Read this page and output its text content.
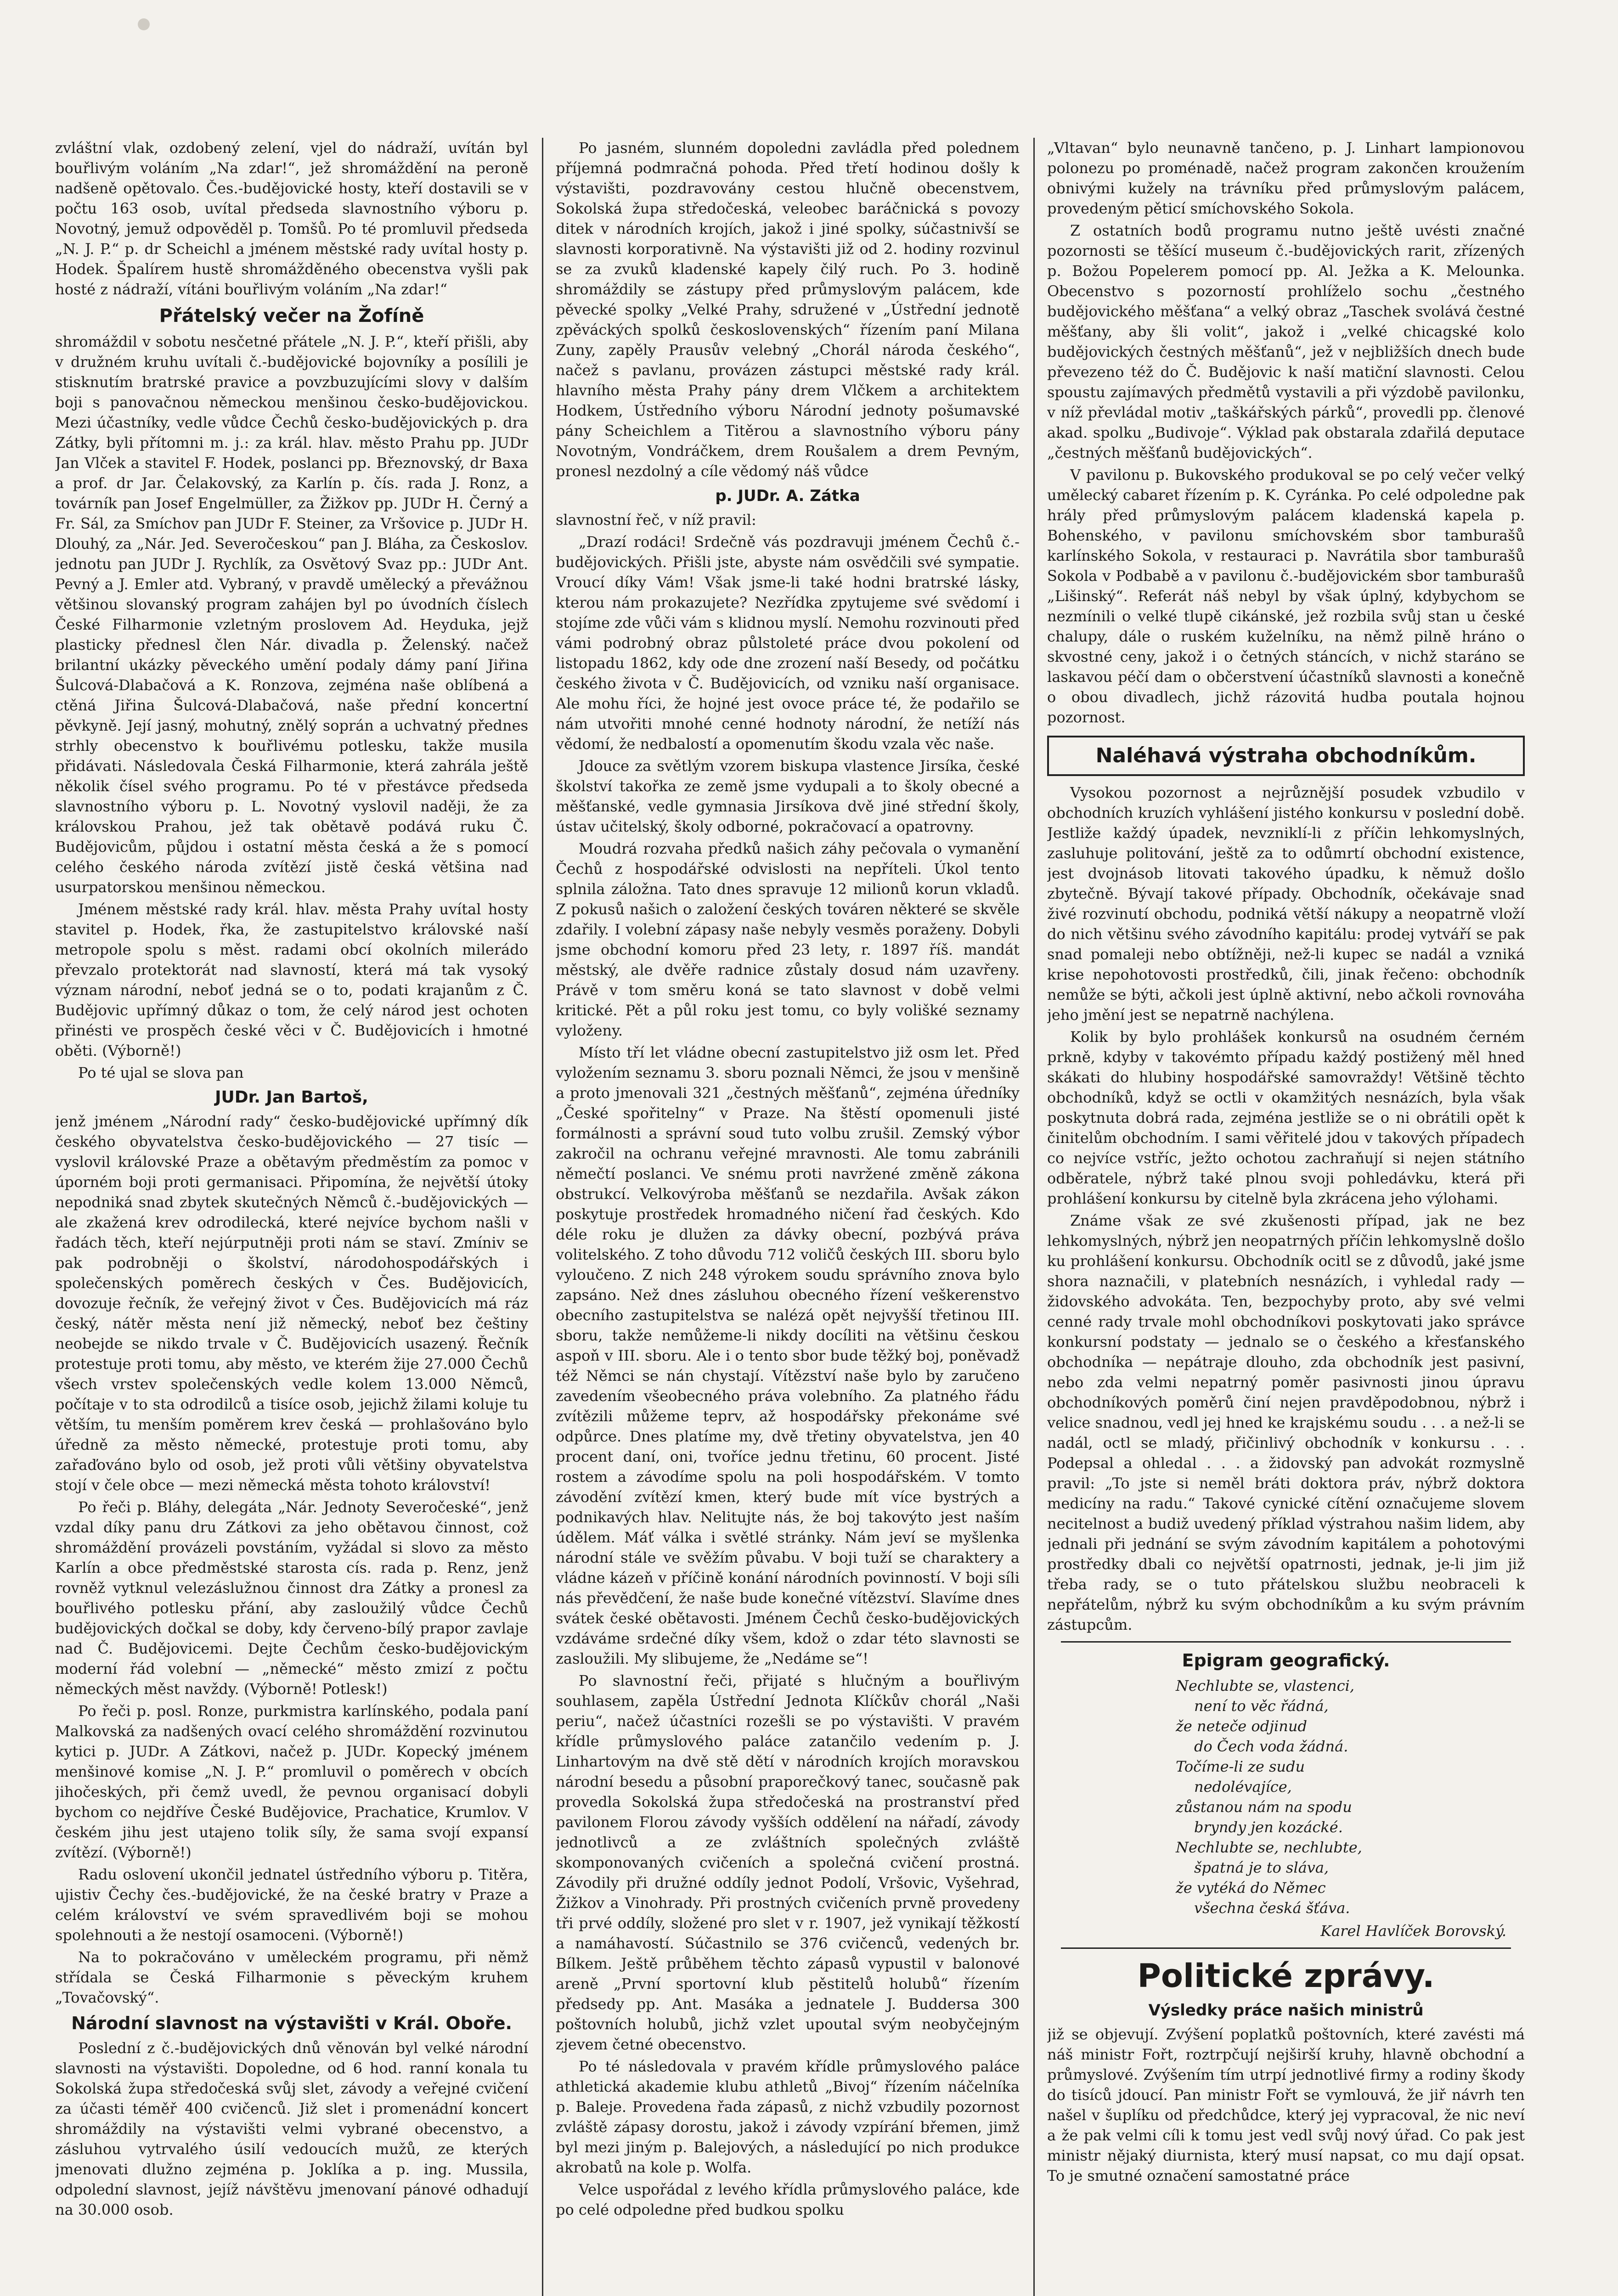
zvláštní vlak, ozdobený zelení, vjel do nádraží, uvítán byl bouřlivým voláním „Na zdar!“, jež shromáždění na peroně nadšeně opětovalo. Čes.-budějovické hosty, kteří dostavili se v počtu 163 osob, uvítal předseda slavnostního výboru p. Novotný, jemuž odpověděl p. Tomšů. Po té promluvil předseda „N. J. P.“ p. dr Scheichl a jménem městské rady uvítal hosty p. Hodek. Špalírem hustě shromážděného obecenstva vyšli pak hosté z nádraží, vítáni bouřlivým voláním „Na zdar!“

Přátelský večer na Žofíně

shromáždil v sobotu nesčetné přátele „N. J. P.“, kteří přišli, aby v družném kruhu uvítali č.-budějovické bojovníky a posílili je stisknutím bratrské pravice a povzbuzujícími slovy v dalším boji s panovačnou německou menšinou česko-budějovickou. Mezi účastníky, vedle vůdce Čechů česko-budějovických p. dra Zátky, byli přítomni m. j.: za král. hlav. město Prahu pp. JUDr Jan Vlček a stavitel F. Hodek, poslanci pp. Březnovský, dr Baxa a prof. dr Jar. Čelakovský, za Karlín p. čís. rada J. Ronz, a továrník pan Josef Engelmüller, za Žižkov pp. JUDr H. Černý a Fr. Sál, za Smíchov pan JUDr F. Steiner, za Vršovice p. JUDr H. Dlouhý, za „Nár. Jed. Severočeskou“ pan J. Bláha, za Českoslov. jednotu pan JUDr J. Rychlík, za Osvětový Svaz pp.: JUDr Ant. Pevný a J. Emler atd. Vybraný, v pravdě umělecký a převážnou většinou slovanský program zahájen byl po úvodních číslech České Filharmonie vzletným proslovem Ad. Heyduka, jejž plasticky přednesl člen Nár. divadla p. Želenský. načež brilantní ukázky pěveckého umění podaly dámy paní Jiřina Šulcová-Dlabačová a K. Ronzova, zejména naše oblíbená a ctěná Jiřina Šulcová-Dlabačová, naše přední koncertní pěvkyně. Její jasný, mohutný, znělý soprán a uchvatný přednes strhly obecenstvo k bouřlivému potlesku, takže musila přidávati. Následovala Česká Filharmonie, která zahrála ještě několik čísel svého programu. Po té v přestávce předseda slavnostního výboru p. L. Novotný vyslovil naději, že za královskou Prahou, jež tak obětavě podává ruku Č. Budějovicům, půjdou i ostatní města česká a že s pomocí celého českého národa zvítězí jistě česká většina nad usurpatorskou menšinou německou.

Jménem městské rady král. hlav. města Prahy uvítal hosty stavitel p. Hodek, řka, že zastupitelstvo královské naší metropole spolu s měst. radami obcí okolních milerádo převzalo protektorát nad slavností, která má tak vysoký význam národní, neboť jedná se o to, podati krajanům z Č. Budějovic upřímný důkaz o tom, že celý národ jest ochoten přinésti ve prospěch české věci v Č. Budějovicích i hmotné oběti. (Výborně!)

Po té ujal se slova pan

JUDr. Jan Bartoš,

jenž jménem „Národní rady“ česko-budějovické upřímný dík českého obyvatelstva česko-budějovického — 27 tisíc — vyslovil královské Praze a obětavým předměstím za pomoc v úporném boji proti germanisaci. Připomína, že největší útoky nepodniká snad zbytek skutečných Němců č.-budějovických — ale zkažená krev odrodilecká, které nejvíce bychom našli v řadách těch, kteří nejúrputněji proti nám se staví. Zmíniv se pak podrobněji o školství, národohospodářských i společenských poměrech českých v Čes. Budějovicích, dovozuje řečník, že veřejný život v Čes. Budějovicích má ráz český, nátěr města není již německý, neboť bez češtiny neobejde se nikdo trvale v Č. Budějovicích usazený. Řečník protestuje proti tomu, aby město, ve kterém žije 27.000 Čechů všech vrstev společenských vedle kolem 13.000 Němců, počítaje v to sta odrodilců a tisíce osob, jejichž žilami koluje tu větším, tu menším poměrem krev česká — prohlašováno bylo úředně za město německé, protestuje proti tomu, aby zařaďováno bylo od osob, jež proti vůli většiny obyvatelstva stojí v čele obce — mezi německá města tohoto království!

Po řeči p. Bláhy, delegáta „Nár. Jednoty Severočeské“, jenž vzdal díky panu dru Zátkovi za jeho obětavou činnost, což shromáždění provázeli povstáním, vyžádal si slovo za město Karlín a obce předměstské starosta cís. rada p. Renz, jenž rovněž vytknul velezáslužnou činnost dra Zátky a pronesl za bouřlivého potlesku přání, aby zasloužilý vůdce Čechů budějovických dočkal se doby, kdy červeno-bílý prapor zavlaje nad Č. Budějovicemi. Dejte Čechům česko-budějovickým moderní řád volební — „německé“ město zmizí z počtu německých měst navždy. (Výborně! Potlesk!)

Po řeči p. posl. Ronze, purkmistra karlínského, podala paní Malkovská za nadšených ovací celého shromáždění rozvinutou kytici p. JUDr. A Zátkovi, načež p. JUDr. Kopecký jménem menšinové komise „N. J. P.“ promluvil o poměrech v obcích jihočeských, při čemž uvedl, že pevnou organisací dobyli bychom co nejdříve České Budějovice, Prachatice, Krumlov. V českém jihu jest utajeno tolik síly, že sama svojí expansí zvítězí. (Výborně!)

Radu oslovení ukončil jednatel ústředního výboru p. Titěra, ujistiv Čechy čes.-budějovické, že na české bratry v Praze a celém království ve svém spravedlivém boji se mohou spolehnouti a že nestojí osamoceni. (Výborně!)

Na to pokračováno v uměleckém programu, při němž střídala se Česká Filharmonie s pěveckým kruhem „Tovačovský“.

Národní slavnost na výstavišti v Král. Oboře.

Poslední z č.-budějovických dnů věnován byl velké národní slavnosti na výstavišti. Dopoledne, od 6 hod. ranní konala tu Sokolská župa středočeská svůj slet, závody a veřejné cvičení za účasti téměř 400 cvičenců. Již slet i promenádní koncert shromáždily na výstavišti velmi vybrané obecenstvo, a zásluhou vytrvalého úsilí vedoucích mužů, ze kterých jmenovati dlužno zejména p. Joklíka a p. ing. Mussila, odpolední slavnost, jejíž návštěvu jmenovaní pánové odhadují na 30.000 osob.

Po jasném, slunném dopoledni zavládla před polednem příjemná podmračná pohoda. Před třetí hodinou došly k výstavišti, pozdravovány cestou hlučně obecenstvem, Sokolská župa středočeská, veleobec baráčnická s povozy ditek v národních krojích, jakož i jiné spolky, súčastnivší se slavnosti korporativně. Na výstavišti již od 2. hodiny rozvinul se za zvuků kladenské kapely čilý ruch. Po 3. hodině shromáždily se zástupy před průmyslovým palácem, kde pěvecké spolky „Velké Prahy, sdružené v „Ústřední jednotě zpěváckých spolků československých“ řízením paní Milana Zuny, zapěly Prausův velebný „Chorál národa českého“, načež s pavlanu, provázen zástupci městské rady král. hlavního města Prahy pány drem Vlčkem a architektem Hodkem, Ústředního výboru Národní jednoty pošumavské pány Scheichlem a Titěrou a slavnostního výboru pány Novotným, Vondráčkem, drem Roušalem a drem Pevným, pronesl nezdolný a cíle vědomý náš vůdce

p. JUDr. A. Zátka

slavnostní řeč, v níž pravil:

„Drazí rodáci! Srdečně vás pozdravuji jménem Čechů č.-budějovických. Přišli jste, abyste nám osvědčili své sympatie. Vroucí díky Vám! Však jsme-li také hodni bratrské lásky, kterou nám prokazujete? Nezřídka zpytujeme své svědomí i stojíme zde vůči vám s klidnou myslí. Nemohu rozvinouti před vámi podrobný obraz půlstoleté práce dvou pokolení od listopadu 1862, kdy ode dne zrození naší Besedy, od počátku českého života v Č. Budějovicích, od vzniku naší organisace. Ale mohu říci, že hojné jest ovoce práce té, že podařilo se nám utvořiti mnohé cenné hodnoty národní, že netíží nás vědomí, že nedbalostí a opomenutím škodu vzala věc naše.

Jdouce za světlým vzorem biskupa vlastence Jirsíka, české školství takořka ze země jsme vydupali a to školy obecné a měšťanské, vedle gymnasia Jirsíkova dvě jiné střední školy, ústav učitelský, školy odborné, pokračovací a opatrovny.

Moudrá rozvaha předků našich záhy pečovala o vymanění Čechů z hospodářské odvislosti na nepříteli. Úkol tento splnila záložna. Tato dnes spravuje 12 milionů korun vkladů. Z pokusů našich o založení českých továren některé se skvěle zdařily. I volební zápasy naše nebyly vesměs poraženy. Dobyli jsme obchodní komoru před 23 lety, r. 1897 říš. mandát městský, ale dvěře radnice zůstaly dosud nám uzavřeny. Právě v tom směru koná se tato slavnost v době velmi kritické. Pět a půl roku jest tomu, co byly volišké seznamy vyloženy.

Místo tří let vládne obecní zastupitelstvo již osm let. Před vyložením seznamu 3. sboru poznali Němci, že jsou v menšině a proto jmenovali 321 „čestných měšťanů“, zejména úředníky „České spořitelny“ v Praze. Na štěstí opomenuli jisté formálnosti a správní soud tuto volbu zrušil. Zemský výbor zakročil na ochranu veřejné mravnosti. Ale tomu zabránili němečtí poslanci. Ve snému proti navržené změně zákona obstrukcí. Velkovýroba měšťanů se nezdařila. Avšak zákon poskytuje prostředek hromadného ničení řad českých. Kdo déle roku je dlužen za dávky obecní, pozbývá práva volitelského. Z toho důvodu 712 voličů českých III. sboru bylo vyloučeno. Z nich 248 výrokem soudu správního znova bylo zapsáno. Než dnes zásluhou obecného řízení veškerenstvo obecního zastupitelstva se nalézá opět nejvyšší třetinou III. sboru, takže nemůžeme-li nikdy docíliti na většinu českou aspoň v III. sboru. Ale i o tento sbor bude těžký boj, poněvadž též Němci se nán chystají. Vítězství naše bylo by zaručeno zavedením všeobecného práva volebního. Za platného řádu zvítězili můžeme teprv, až hospodářsky překonáme své odpůrce. Dnes platíme my, dvě třetiny obyvatelstva, jen 40 procent daní, oni, tvoříce jednu třetinu, 60 procent. Jisté rostem a závodíme spolu na poli hospodářském. V tomto závodění zvítězí kmen, který bude mít více bystrých a podnikavých hlav. Nelitujte nás, že boj takovýto jest naším údělem. Máť válka i světlé stránky. Nám jeví se myšlenka národní stále ve svěžím půvabu. V boji tuží se charaktery a vládne kázeň v příčině konání národních povinností. V boji síli nás převědčení, že naše bude konečné vítězství. Slavíme dnes svátek české obětavosti. Jménem Čechů česko-budějovických vzdáváme srdečné díky všem, kdož o zdar této slavnosti se zasloužili. My slibujeme, že „Nedáme se“!

Po slavnostní řeči, přijaté s hlučným a bouřlivým souhlasem, zapěla Ústřední Jednota Klíčkův chorál „Naši periu“, načež účastníci rozešli se po výstavišti. V pravém křídle průmyslového paláce zatančilo vedením p. J. Linhartovým na dvě stě dětí v národních krojích moravskou národní besedu a působní praporečkový tanec, současně pak provedla Sokolská župa středočeská na prostranství před pavilonem Florou závody vyšších oddělení na nářadí, závody jednotlivců a ze zvláštních společných zvláště skomponovaných cvičeních a společná cvičení prostná. Závodily při družné oddíly jednot Podolí, Vršovic, Vyšehrad, Žižkov a Vinohrady. Při prostných cvičeních prvně provedeny tři prvé oddíly, složené pro slet v r. 1907, jež vynikají těžkostí a namáhavostí. Súčastnilo se 376 cvičenců, vedených br. Bílkem. Ještě průběhem těchto zápasů vypustil v balonové areně „První sportovní klub pěstitelů holubů“ řízením předsedy pp. Ant. Masáka a jednatele J. Buddersa 300 poštovních holubů, jichž vzlet upoutal svým neobyčejným zjevem četné obecenstvo.

Po té následovala v pravém křídle průmyslového paláce athletická akademie klubu athletů „Bivoj“ řízením náčelníka p. Baleje. Provedena řada zápasů, z nichž vzbudily pozornost zvláště zápasy dorostu, jakož i závody vzpírání břemen, jimž byl mezi jiným p. Balejových, a následující po nich produkce akrobatů na kole p. Wolfa.

Velce uspořádal z levého křídla průmyslového paláce, kde po celé odpoledne před budkou spolku

„Vltavan“ bylo neunavně tančeno, p. J. Linhart lampionovou polonezu po proménadě, načež program zakončen kroužením obnivými kužely na trávníku před průmyslovým palácem, provedeným pěticí smíchovského Sokola.

Z ostatních bodů programu nutno ještě uvésti značné pozornosti se těšící museum č.-budějovických rarit, zřízených p. Božou Popelerem pomocí pp. Al. Ježka a K. Melounka. Obecenstvo s pozorností prohlíželo sochu „čestného budějovického měšťana“ a velký obraz „Taschek svolává čestné měšťany, aby šli volit“, jakož i „velké chicagské kolo budějovických čestných měšťanů“, jež v nejbližších dnech bude převezeno též do Č. Budějovic k naší matiční slavnosti. Celou spoustu zajímavých předmětů vystavili a při výzdobě pavilonku, v níž převládal motiv „taškářských párků“, provedli pp. členové akad. spolku „Budivoje“. Výklad pak obstarala zdařilá deputace „čestných měšťanů budějovických“.

V pavilonu p. Bukovského produkoval se po celý večer velký umělecký cabaret řízením p. K. Cyránka. Po celé odpoledne pak hrály před průmyslovým palácem kladenská kapela p. Bohenského, v pavilonu smíchovském sbor tamburašů karlínského Sokola, v restauraci p. Navrátila sbor tamburašů Sokola v Podbabě a v pavilonu č.-budějovickém sbor tamburašů „Lišinský“. Referát náš nebyl by však úplný, kdybychom se nezmínili o velké tlupě cikánské, jež rozbila svůj stan u české chalupy, dále o ruském kuželníku, na němž pilně hráno o skvostné ceny, jakož i o četných stáncích, v nichž staráno se laskavou péčí dam o občerstvení účastníků slavnosti a konečně o obou divadlech, jichž rázovitá hudba poutala hojnou pozornost.

Naléhavá výstraha obchodníkům.

Vysokou pozornost a nejrůznější posudek vzbudilo v obchodních kruzích vyhlášení jistého konkursu v poslední době. Jestliže každý úpadek, nevzniklí-li z příčin lehkomyslných, zasluhuje politování, ještě za to odůmrtí obchodní existence, jest dvojnásob litovati takového úpadku, k němuž došlo zbytečně. Bývají takové případy. Obchodník, očekávaje snad živé rozvinutí obchodu, podniká větší nákupy a neopatrně vloží do nich většinu svého závodního kapitálu: prodej vytváří se pak snad pomaleji nebo obtížněji, než-li kupec se nadál a vzniká krise nepohotovosti prostředků, čili, jinak řečeno: obchodník nemůže se býti, ačkoli jest úplně aktivní, nebo ačkoli rovnováha jeho jmění jest se nepatrně nachýlena.

Kolik by bylo prohlášek konkursů na osudném černém prkně, kdyby v takovémto případu každý postižený měl hned skákati do hlubiny hospodářské samovraždy! Většině těchto obchodníků, když se octli v okamžitých nesnázích, byla však poskytnuta dobrá rada, zejména jestliže se o ni obrátili opět k činitelům obchodním. I sami věřitelé jdou v takových případech co nejvíce vstříc, ježto ochotou zachraňují si nejen státního odběratele, nýbrž také plnou svoji pohledávku, která při prohlášení konkursu by citelně byla zkrácena jeho výlohami.

Známe však ze své zkušenosti případ, jak ne bez lehkomyslných, nýbrž jen neopatrných příčin lehkomyslně došlo ku prohlášení konkursu. Obchodník ocitl se z důvodů, jaké jsme shora naznačili, v platebních nesnázích, i vyhledal rady — židovského advokáta. Ten, bezpochyby proto, aby své velmi cenné rady trvale mohl obchodníkovi poskytovati jako správce konkursní podstaty — jednalo se o českého a křesťanského obchodníka — nepátraje dlouho, zda obchodník jest pasivní, nebo zda velmi nepatrný poměr pasivnosti jinou úpravu obchodníkových poměrů činí nejen pravděpodobnou, nýbrž i velice snadnou, vedl jej hned ke krajskému soudu . . . a než-li se nadál, octl se mladý, přičinlivý obchodník v konkursu . . . Podepsal a ohledal . . . a židovský pan advokát rozmyslně pravil: „To jste si neměl bráti doktora práv, nýbrž doktora medicíny na radu.“ Takové cynické cítění označujeme slovem necitelnost a budiž uvedený příklad výstrahou našim lidem, aby jednali při jednání se svým závodním kapitálem a pohotovými prostředky dbali co největší opatrnosti, jednak, je-li jim již třeba rady, se o tuto přátelskou službu neobraceli k nepřátelům, nýbrž ku svým obchodníkům a ku svým právním zástupcům.

Epigram geografický.
Nechlubte se, vlastenci,
není to věc řádná,
že neteče odjinud
do Čech voda žádná.
Točíme-li ze sudu
nedolévajíce,
zůstanou nám na spodu
bryndy jen kozácké.
Nechlubte se, nechlubte,
špatná je to sláva,
že vytéká do Němec
všechna česká šťáva.
Karel Havlíček Borovský.
Politické zprávy.
Výsledky práce našich ministrů

již se objevují. Zvýšení poplatků poštovních, které zavésti má náš ministr Fořt, roztrpčují nejširší kruhy, hlavně obchodní a průmyslové. Zvýšením tím utrpí jednotlivé firmy a rodiny škody do tisíců jdoucí. Pan ministr Fořt se vymlouvá, že jiř návrh ten našel v šuplíku od předchůdce, který jej vypracoval, že nic neví a že pak velmi cíli k tomu jest vedl svůj nový úřad. Co pak jest ministr nějaký diurnista, který musí napsat, co mu dají opsat. To je smutné označení samostatné práce
